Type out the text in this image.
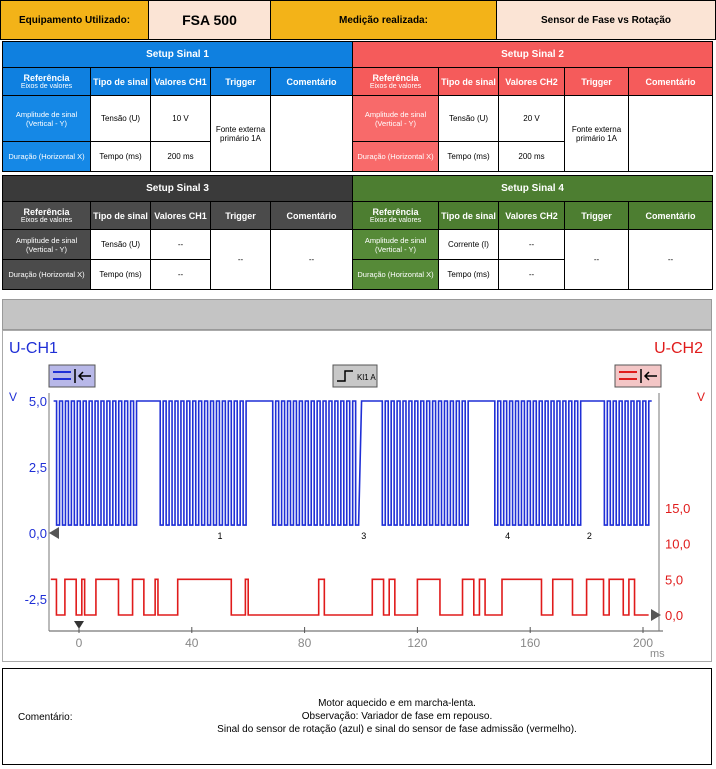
Equipamento Utilizado:	FSA 500	Medição realizada:	Sensor de Fase vs Rotação
Setup Sinal 1				
Referência
Eixos de valores	Tipo de sinal	Valores CH1	Trigger	Comentário
Amplitude de sinal (Vertical - Y)	Tensão (U)	10 V	Fonte externa primário 1A	
Duração (Horizontal X)	Tempo (ms)	200 ms		
Setup Sinal 2				
Referência
Eixos de valores	Tipo de sinal	Valores CH2	Trigger	Comentário
Amplitude de sinal (Vertical - Y)	Tensão (U)	20 V	Fonte externa primário 1A	
Duração (Horizontal X)	Tempo (ms)	200 ms		
Setup Sinal 3				
Referência
Eixos de valores	Tipo de sinal	Valores CH1	Trigger	Comentário
Amplitude de sinal (Vertical - Y)	Tensão (U)	--	--	--
Duração (Horizontal X)	Tempo (ms)	--		
Setup Sinal 4				
Referência
Eixos de valores	Tipo de sinal	Valores CH2	Trigger	Comentário
Amplitude de sinal (Vertical - Y)	Corrente (I)	--	--	--
Duração (Horizontal X)	Tempo (ms)	--		
U-CH1	U-CH2
V	V
Kl1 A
0	40	80	120	160	200
5,0
2,5
0,0
-2,5
15,0
10,0
5,0
0,0
1	3	4	2
ms
Comentário:
Motor aquecido e em marcha-lenta.
Observação: Variador de fase em repouso.
Sinal do sensor de rotação (azul) e sinal do sensor de fase admissão (vermelho).
